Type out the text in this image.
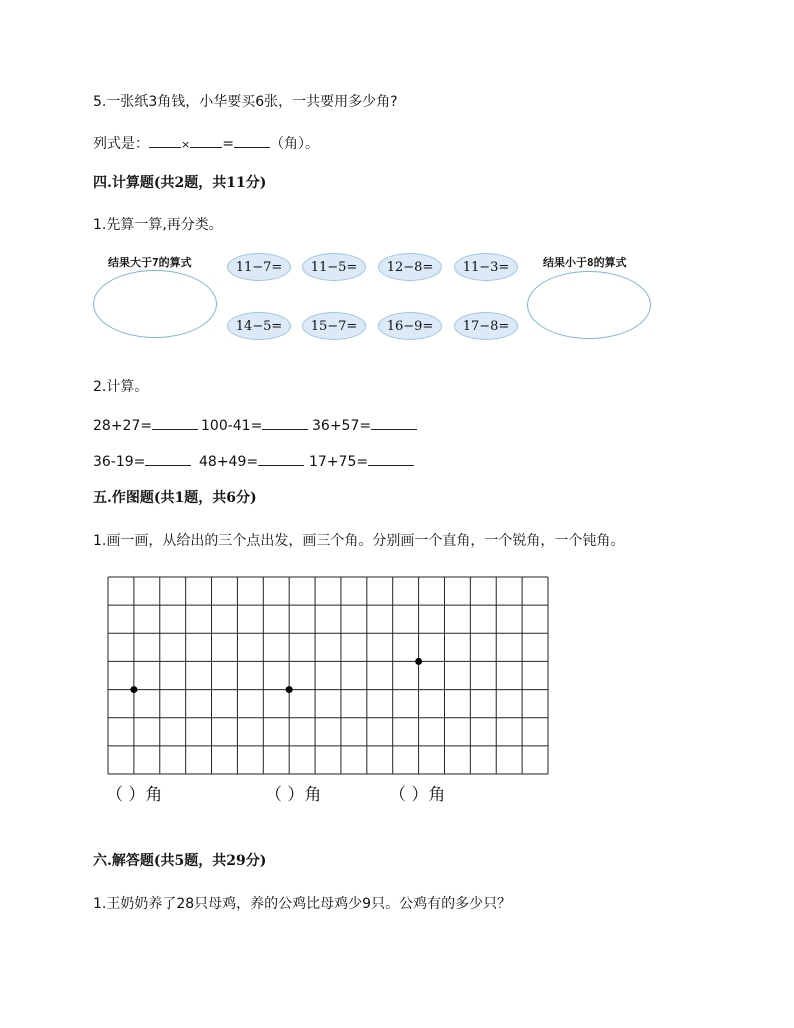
5.一张纸3角钱，小华要买6张，一共要用多少角?
列式是：	× =	（角）。
四.计算题(共2题，共11分)
1.先算一算,再分类。
结果大于7的算式	结果小于8的算式
11−7=	11−5=	12−8=	11−3=
14−5=	15−7=	16−9=	17−8=
2.计算。
28+27=	100-41=	36+57=
36-19=	48+49=	17+75=
五.作图题(共1题，共6分)
1.画一画，从给出的三个点出发，画三个角。分别画一个直角，一个锐角，一个钝角。
（ ）角	（ ）角	（ ）角
六.解答题(共5题，共29分)
1.王奶奶养了28只母鸡，养的公鸡比母鸡少9只。公鸡有的多少只？
